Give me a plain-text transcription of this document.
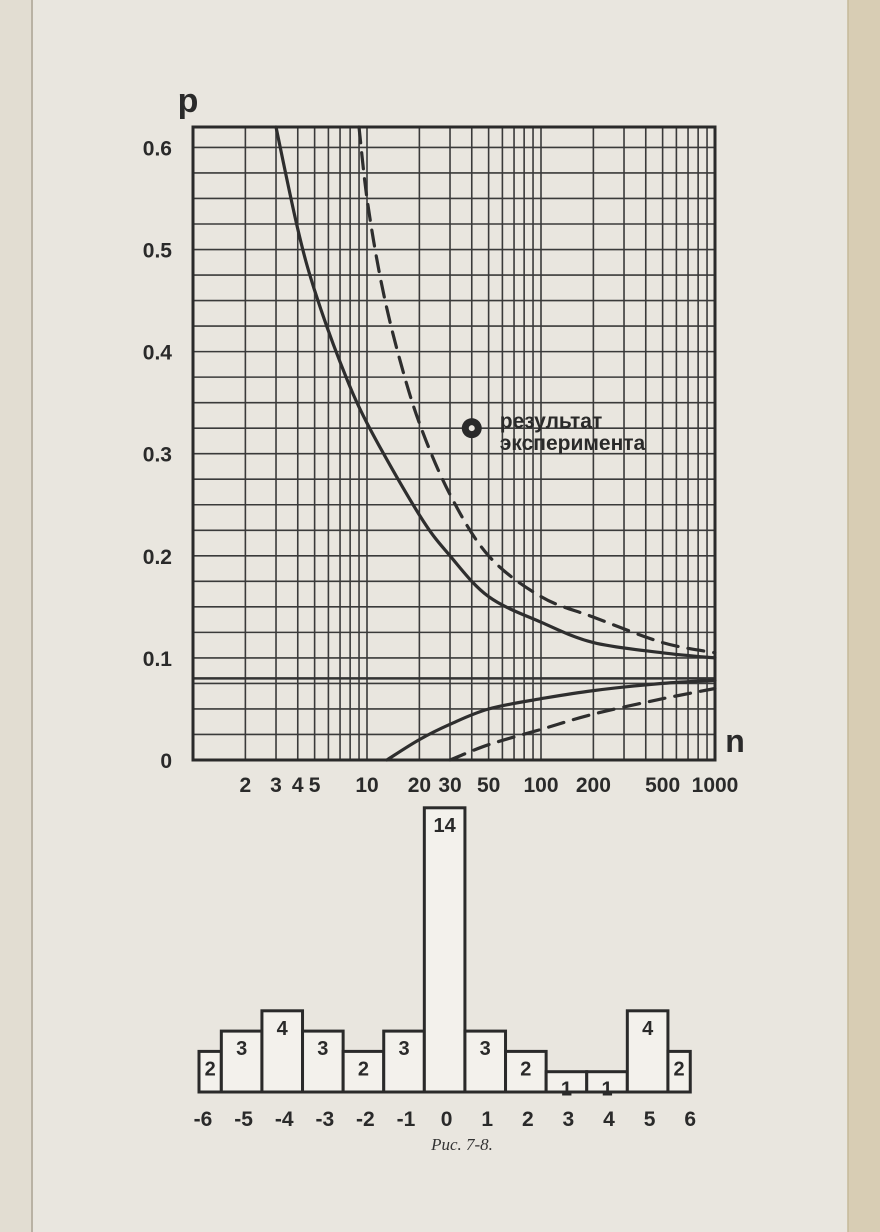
0
0.1
0.2
0.3
0.4
0.5
0.6
2 3 4 5 10 20 30 50 100 200 500 1000
p
n
результат
эксперимента
2
3
4
3
2
3
14
3
2
1 1
4
2
-6 -5 -4 -3 -2 -1 0 1 2 3 4 5 6
Рис. 7-8.
